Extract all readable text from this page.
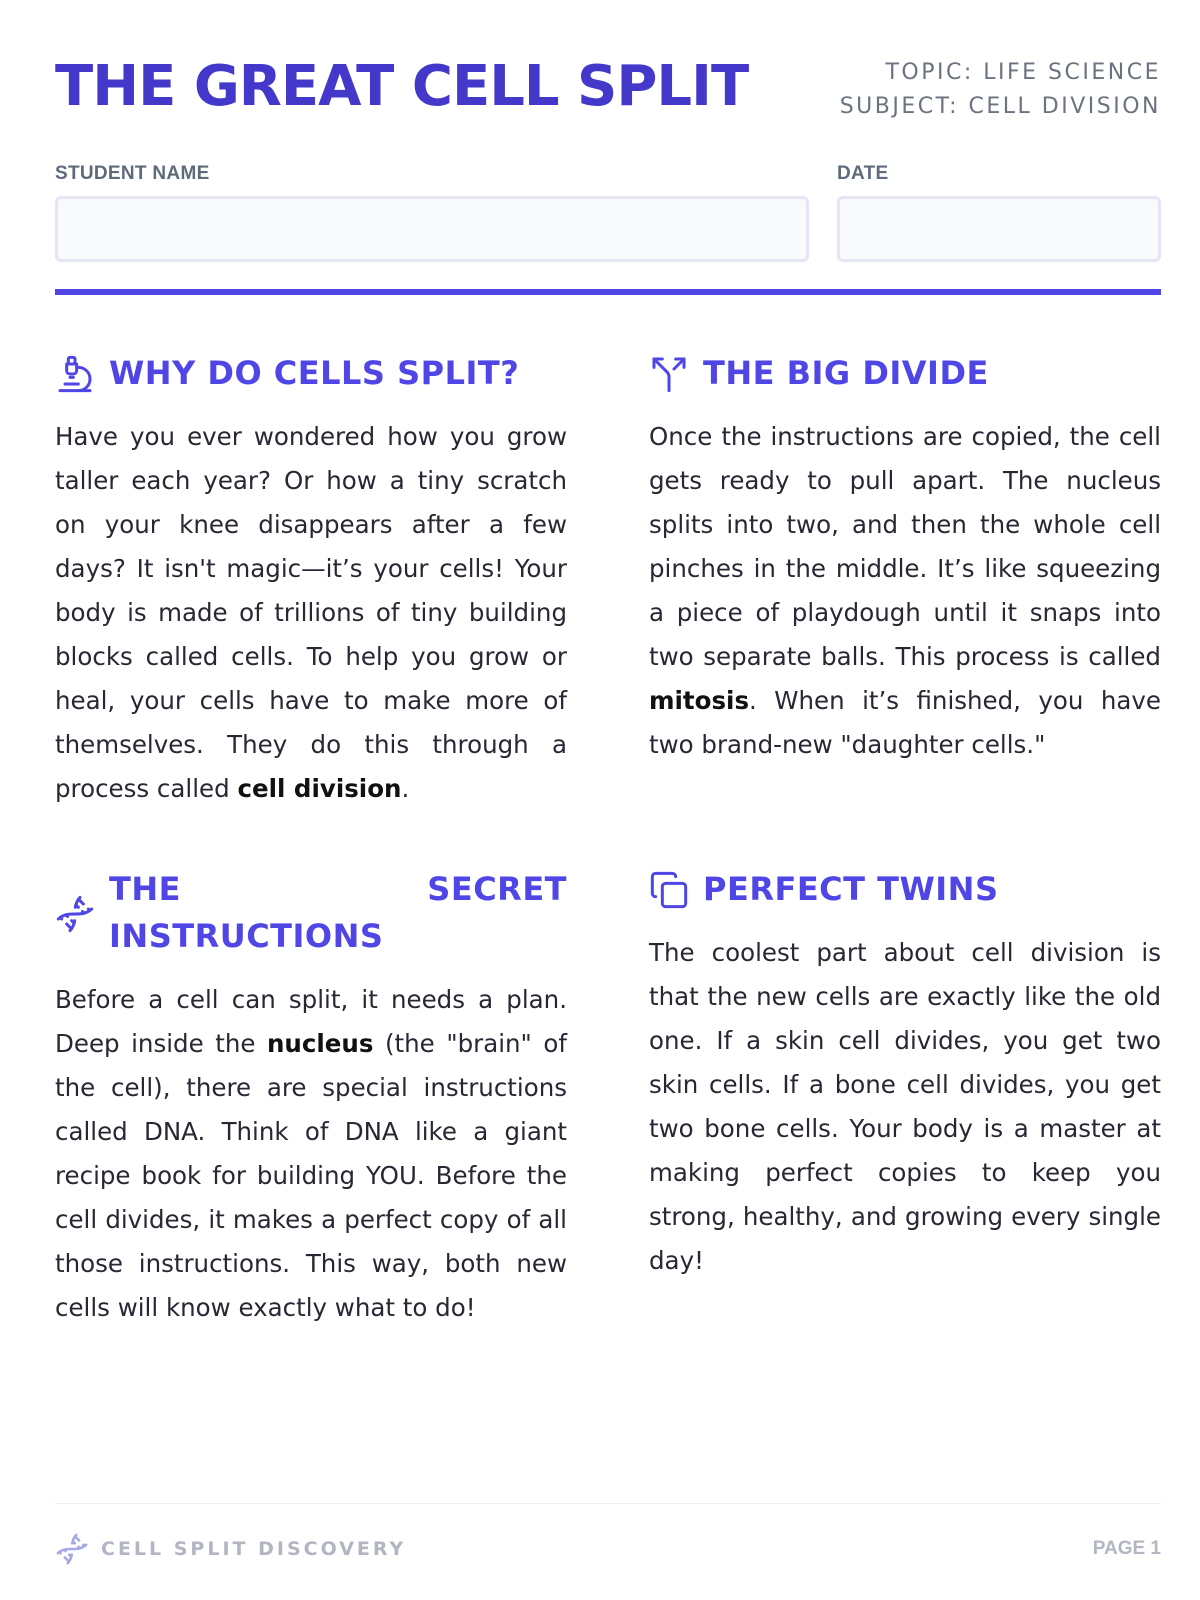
THE GREAT CELL SPLIT	TOPIC: LIFE SCIENCE
SUBJECT: CELL DIVISION
STUDENT NAME	DATE
WHY DO CELLS SPLIT?
Have you ever wondered how you grow taller each year? Or how a tiny scratch on your knee disappears after a few days? It isn't magic—it’s your cells! Your body is made of trillions of tiny building blocks called cells. To help you grow or heal, your cells have to make more of themselves. They do this through a process called cell division.
THE BIG DIVIDE
Once the instructions are copied, the cell gets ready to pull apart. The nucleus splits into two, and then the whole cell pinches in the middle. It’s like squeezing a piece of playdough until it snaps into two separate balls. This process is called mitosis. When it’s finished, you have two brand-new "daughter cells."
THE SECRET INSTRUCTIONS
Before a cell can split, it needs a plan. Deep inside the nucleus (the "brain" of the cell), there are special instructions called DNA. Think of DNA like a giant recipe book for building YOU. Before the cell divides, it makes a perfect copy of all those instructions. This way, both new cells will know exactly what to do!
PERFECT TWINS
The coolest part about cell division is that the new cells are exactly like the old one. If a skin cell divides, you get two skin cells. If a bone cell divides, you get two bone cells. Your body is a master at making perfect copies to keep you strong, healthy, and growing every single day!
CELL SPLIT DISCOVERY	PAGE 1
